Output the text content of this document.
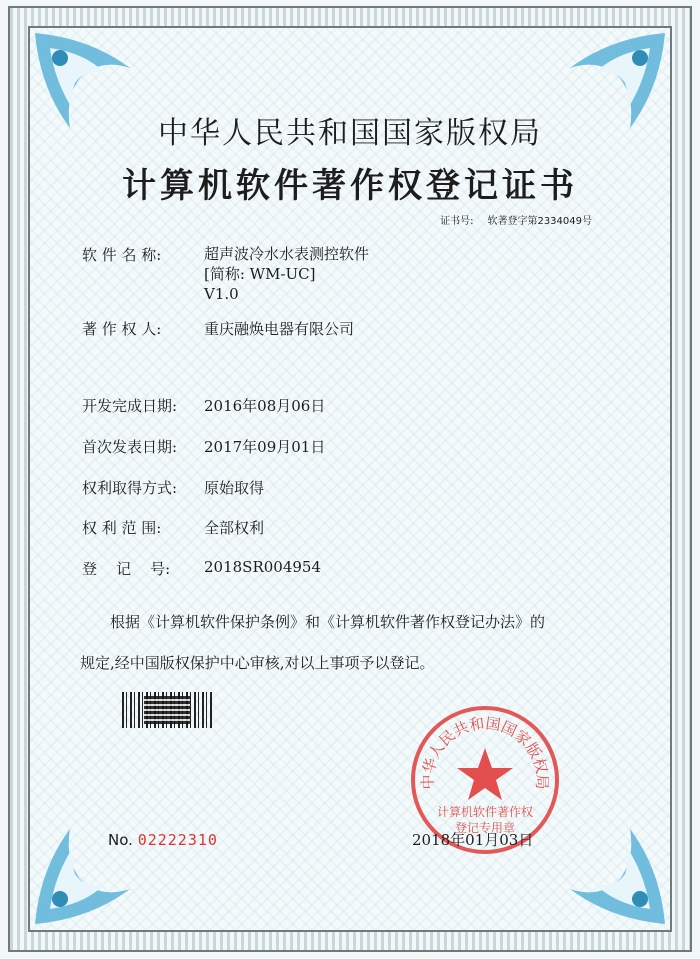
中华人民共和国国家版权局
计算机软件著作权登记证书
证书号: 软著登字第2334049号
软 件 名 称:	超声波冷水水表测控软件
[简称: WM-UC]
V1.0
著 作 权 人:	重庆融焕电器有限公司
开发完成日期: 2016年08月06日
首次发表日期: 2017年09月01日
权利取得方式: 原始取得
权 利 范 围:	全部权利
登    记    号: 2018SR004954
根据《计算机软件保护条例》和《计算机软件著作权登记办法》的
规定,经中国版权保护中心审核,对以上事项予以登记。
中华人民共和国国家版权局
计算机软件著作权
登记专用章
No. 02222310	2018年01月03日
